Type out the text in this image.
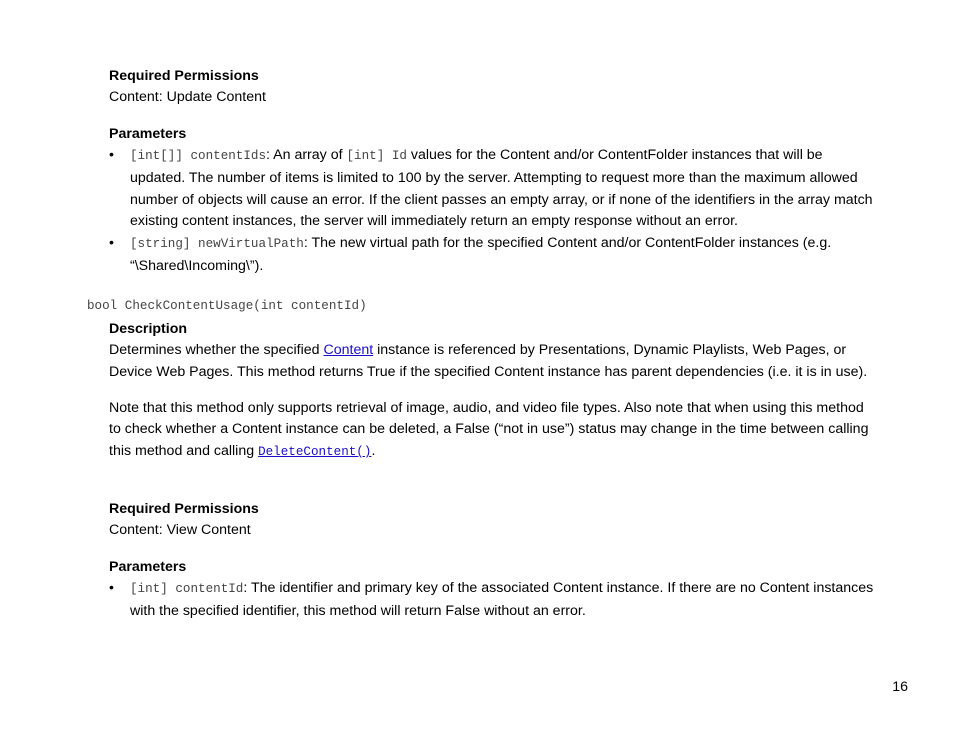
Required Permissions

Content: Update Content

Parameters

• [int[]] contentIds: An array of [int] Id values for the Content and/or ContentFolder instances that will be updated. The number of items is limited to 100 by the server. Attempting to request more than the maximum allowed number of objects will cause an error. If the client passes an empty array, or if none of the identifiers in the array match existing content instances, the server will immediately return an empty response without an error.
• [string] newVirtualPath: The new virtual path for the specified Content and/or ContentFolder instances (e.g. “\Shared\Incoming\”).
bool CheckContentUsage(int contentId)

Description

Determines whether the specified Content instance is referenced by Presentations, Dynamic Playlists, Web Pages, or Device Web Pages. This method returns True if the specified Content instance has parent dependencies (i.e. it is in use).

Note that this method only supports retrieval of image, audio, and video file types. Also note that when using this method to check whether a Content instance can be deleted, a False (“not in use”) status may change in the time between calling this method and calling DeleteContent().

Required Permissions

Content: View Content

Parameters

• [int] contentId: The identifier and primary key of the associated Content instance. If there are no Content instances with the specified identifier, this method will return False without an error.
16
